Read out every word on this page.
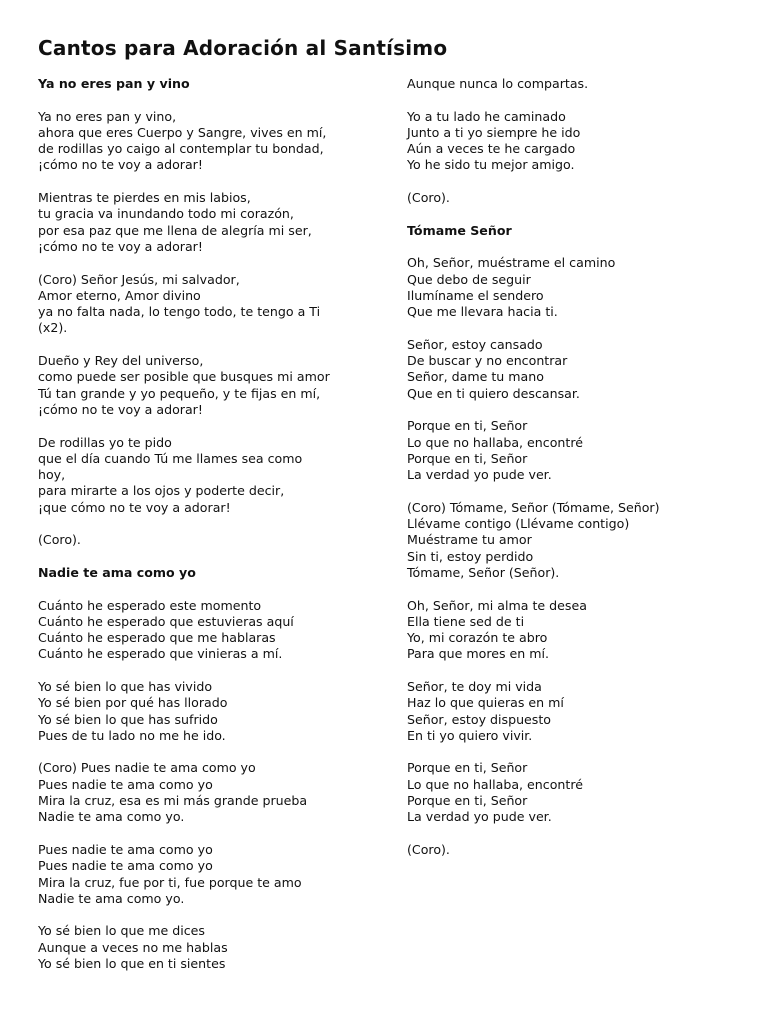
Cantos para Adoración al Santísimo
Ya no eres pan y vino
Ya no eres pan y vino,
ahora que eres Cuerpo y Sangre, vives en mí,
de rodillas yo caigo al contemplar tu bondad,
¡cómo no te voy a adorar!
Mientras te pierdes en mis labios,
tu gracia va inundando todo mi corazón,
por esa paz que me llena de alegría mi ser,
¡cómo no te voy a adorar!
(Coro) Señor Jesús, mi salvador,
Amor eterno, Amor divino
ya no falta nada, lo tengo todo, te tengo a Ti
(x2).
Dueño y Rey del universo,
como puede ser posible que busques mi amor
Tú tan grande y yo pequeño, y te fijas en mí,
¡cómo no te voy a adorar!
De rodillas yo te pido
que el día cuando Tú me llames sea como
hoy,
para mirarte a los ojos y poderte decir,
¡que cómo no te voy a adorar!
(Coro).
Nadie te ama como yo
Cuánto he esperado este momento
Cuánto he esperado que estuvieras aquí
Cuánto he esperado que me hablaras
Cuánto he esperado que vinieras a mí.
Yo sé bien lo que has vivido
Yo sé bien por qué has llorado
Yo sé bien lo que has sufrido
Pues de tu lado no me he ido.
(Coro) Pues nadie te ama como yo
Pues nadie te ama como yo
Mira la cruz, esa es mi más grande prueba
Nadie te ama como yo.
Pues nadie te ama como yo
Pues nadie te ama como yo
Mira la cruz, fue por ti, fue porque te amo
Nadie te ama como yo.
Yo sé bien lo que me dices
Aunque a veces no me hablas
Yo sé bien lo que en ti sientes
Aunque nunca lo compartas.
Yo a tu lado he caminado
Junto a ti yo siempre he ido
Aún a veces te he cargado
Yo he sido tu mejor amigo.
(Coro).
Tómame Señor
Oh, Señor, muéstrame el camino
Que debo de seguir
Ilumíname el sendero
Que me llevara hacia ti.
Señor, estoy cansado
De buscar y no encontrar
Señor, dame tu mano
Que en ti quiero descansar.
Porque en ti, Señor
Lo que no hallaba, encontré
Porque en ti, Señor
La verdad yo pude ver.
(Coro) Tómame, Señor (Tómame, Señor)
Llévame contigo (Llévame contigo)
Muéstrame tu amor
Sin ti, estoy perdido
Tómame, Señor (Señor).
Oh, Señor, mi alma te desea
Ella tiene sed de ti
Yo, mi corazón te abro
Para que mores en mí.
Señor, te doy mi vida
Haz lo que quieras en mí
Señor, estoy dispuesto
En ti yo quiero vivir.
Porque en ti, Señor
Lo que no hallaba, encontré
Porque en ti, Señor
La verdad yo pude ver.
(Coro).
